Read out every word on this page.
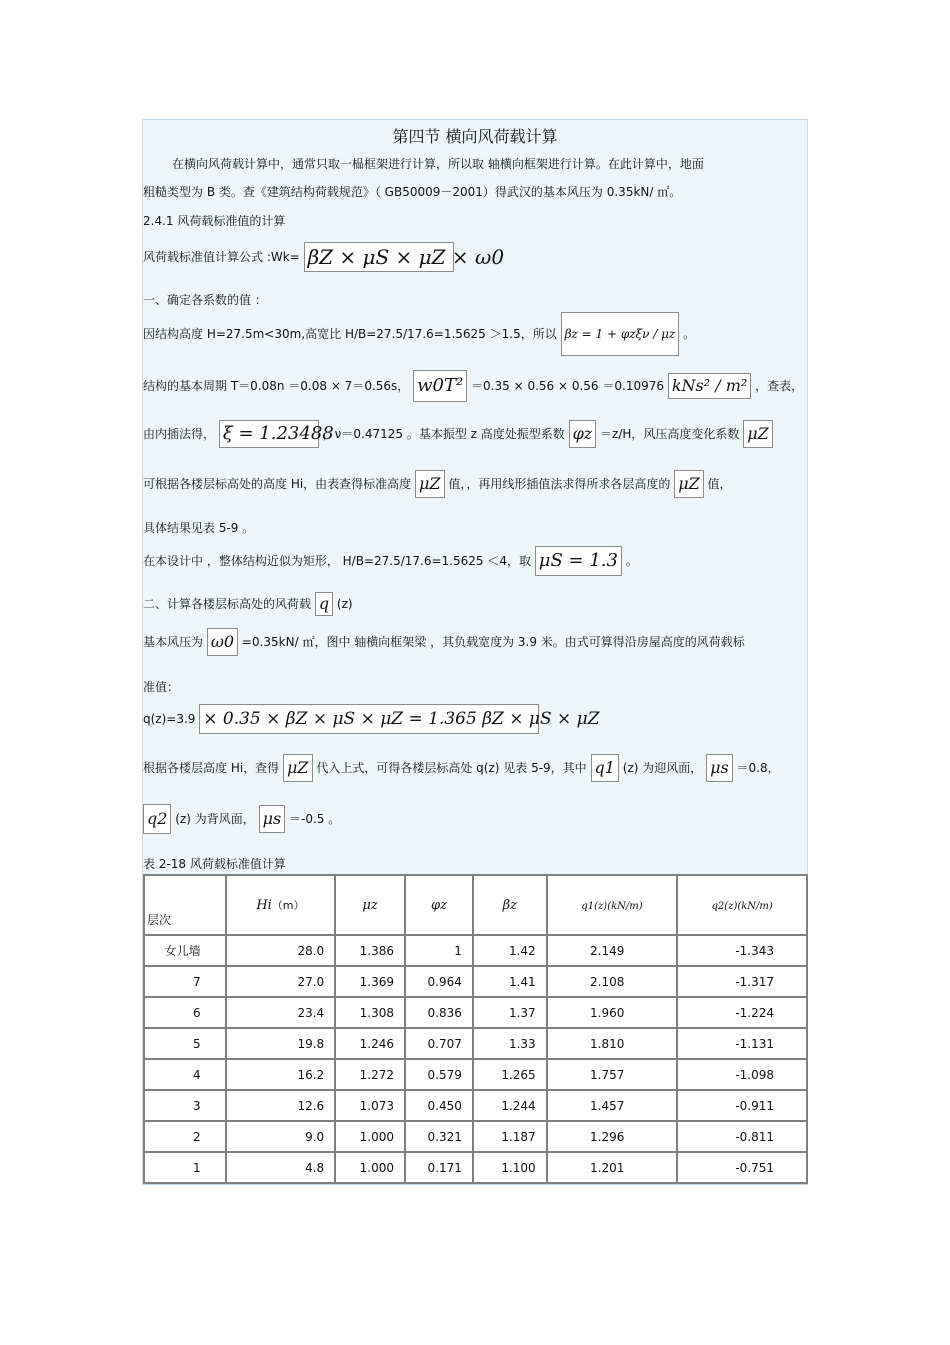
第四节 横向风荷载计算
在横向风荷载计算中，通常只取一榀框架进行计算，所以取 轴横向框架进行计算。在此计算中，地面
粗糙类型为 B 类。查《建筑结构荷载规范》（ GB50009－2001）得武汉的基本风压为 0.35kN/ ㎡。
2.4.1 风荷载标准值的计算
风荷载标准值计算公式 :Wk= βZ × μS × μZ × ω0
一、确定各系数的值 ：
因结构高度 H=27.5m<30m,高宽比 H/B=27.5/17.6=1.5625 ＞1.5，所以 βz = 1 + φzξν / μz 。
结构的基本周期 T＝0.08n ＝0.08 × 7＝0.56s， w0T² ＝0.35 × 0.56 × 0.56 ＝0.10976 kNs² / m² ，查表，
由内插法得， ξ = 1.23488 ，ν＝0.47125 。基本振型 z 高度处振型系数 φz ＝z/H，风压高度变化系数 μZ
可根据各楼层标高处的高度 Hi，由表查得标准高度 μZ 值，，再用线形插值法求得所求各层高度的 μZ 值，
具体结果见表 5-9 。
在本设计中 ，整体结构近似为矩形， H/B=27.5/17.6=1.5625 ＜4，取 μS = 1.3 。
二、计算各楼层标高处的风荷载 q (z)
基本风压为 ω0 =0.35kN/ ㎡，图中 轴横向框架梁 ，其负载宽度为 3.9 米。由式可算得沿房屋高度的风荷载标
准值：
q(z)=3.9 × 0.35 × βZ × μS × μZ = 1.365 βZ × μS × μZ
根据各楼层高度 Hi，查得 μZ 代入上式，可得各楼层标高处 q(z) 见表 5-9，其中 q1 (z) 为迎风面， μs ＝0.8，
q2 (z) 为背风面， μs ＝-0.5 。
表 2-18 风荷载标准值计算
层次	Hi（m）	μz	φz	βz	q1(z)(kN/m)	q2(z)(kN/m)
女儿墙	28.0	1.386	1	1.42	2.149	-1.343
7	27.0	1.369	0.964	1.41	2.108	-1.317
6	23.4	1.308	0.836	1.37	1.960	-1.224
5	19.8	1.246	0.707	1.33	1.810	-1.131
4	16.2	1.272	0.579	1.265	1.757	-1.098
3	12.6	1.073	0.450	1.244	1.457	-0.911
2	9.0	1.000	0.321	1.187	1.296	-0.811
1	4.8	1.000	0.171	1.100	1.201	-0.751
